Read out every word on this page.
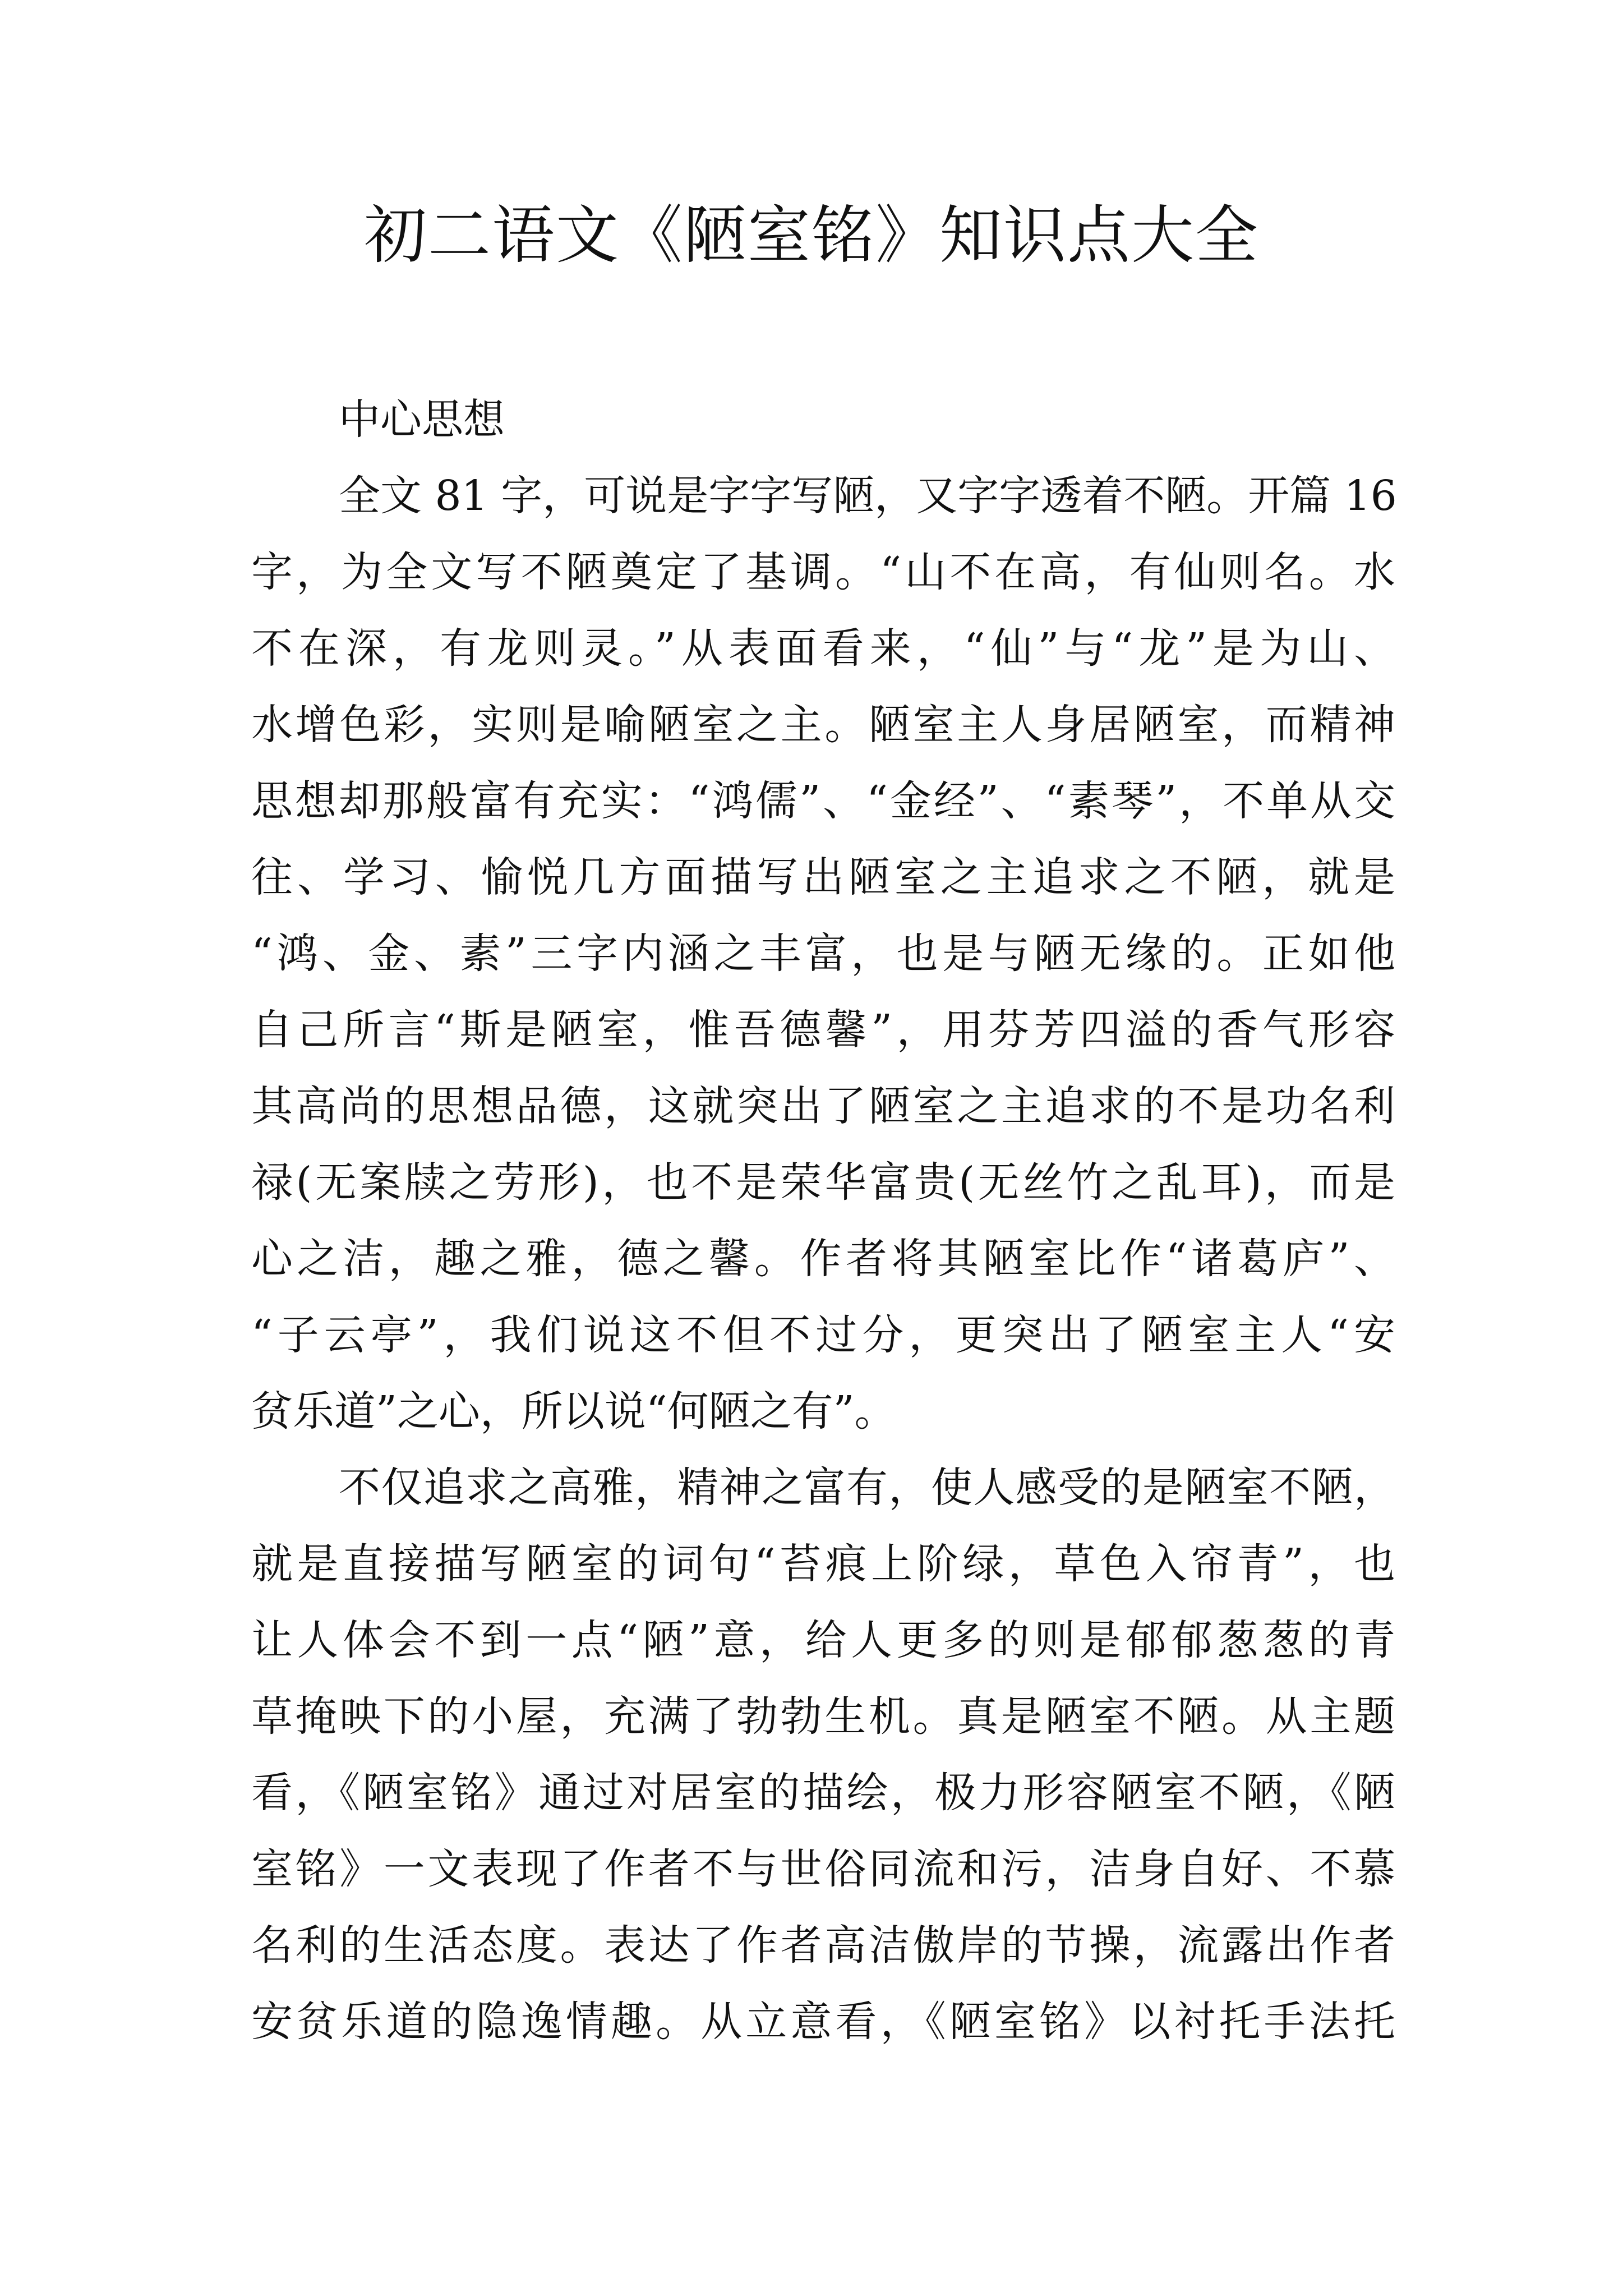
初二语文《陋室铭》知识点大全
中心思想
全文 81 字，可说是字字写陋，又字字透着不陋。开篇 16
字，为全文写不陋奠定了基调。“山不在高，有仙则名。水
不在深，有龙则灵。”从表面看来，“仙”与“龙”是为山、
水增色彩，实则是喻陋室之主。陋室主人身居陋室，而精神
思想却那般富有充实：“鸿儒”、“金经”、“素琴”，不单从交
往、学习、愉悦几方面描写出陋室之主追求之不陋，就是
“鸿、金、素”三字内涵之丰富，也是与陋无缘的。正如他
自己所言“斯是陋室，惟吾德馨”，用芬芳四溢的香气形容
其高尚的思想品德，这就突出了陋室之主追求的不是功名利
禄(无案牍之劳形)，也不是荣华富贵(无丝竹之乱耳)，而是
心之洁，趣之雅，德之馨。作者将其陋室比作“诸葛庐”、
“子云亭”，我们说这不但不过分，更突出了陋室主人“安
贫乐道”之心，所以说“何陋之有”。
不仅追求之高雅，精神之富有，使人感受的是陋室不陋，
就是直接描写陋室的词句“苔痕上阶绿，草色入帘青”，也
让人体会不到一点“陋”意，给人更多的则是郁郁葱葱的青
草掩映下的小屋，充满了勃勃生机。真是陋室不陋。从主题
看，《陋室铭》通过对居室的描绘，极力形容陋室不陋，《陋
室铭》一文表现了作者不与世俗同流和污，洁身自好、不慕
名利的生活态度。表达了作者高洁傲岸的节操，流露出作者
安贫乐道的隐逸情趣。从立意看，《陋室铭》以衬托手法托
